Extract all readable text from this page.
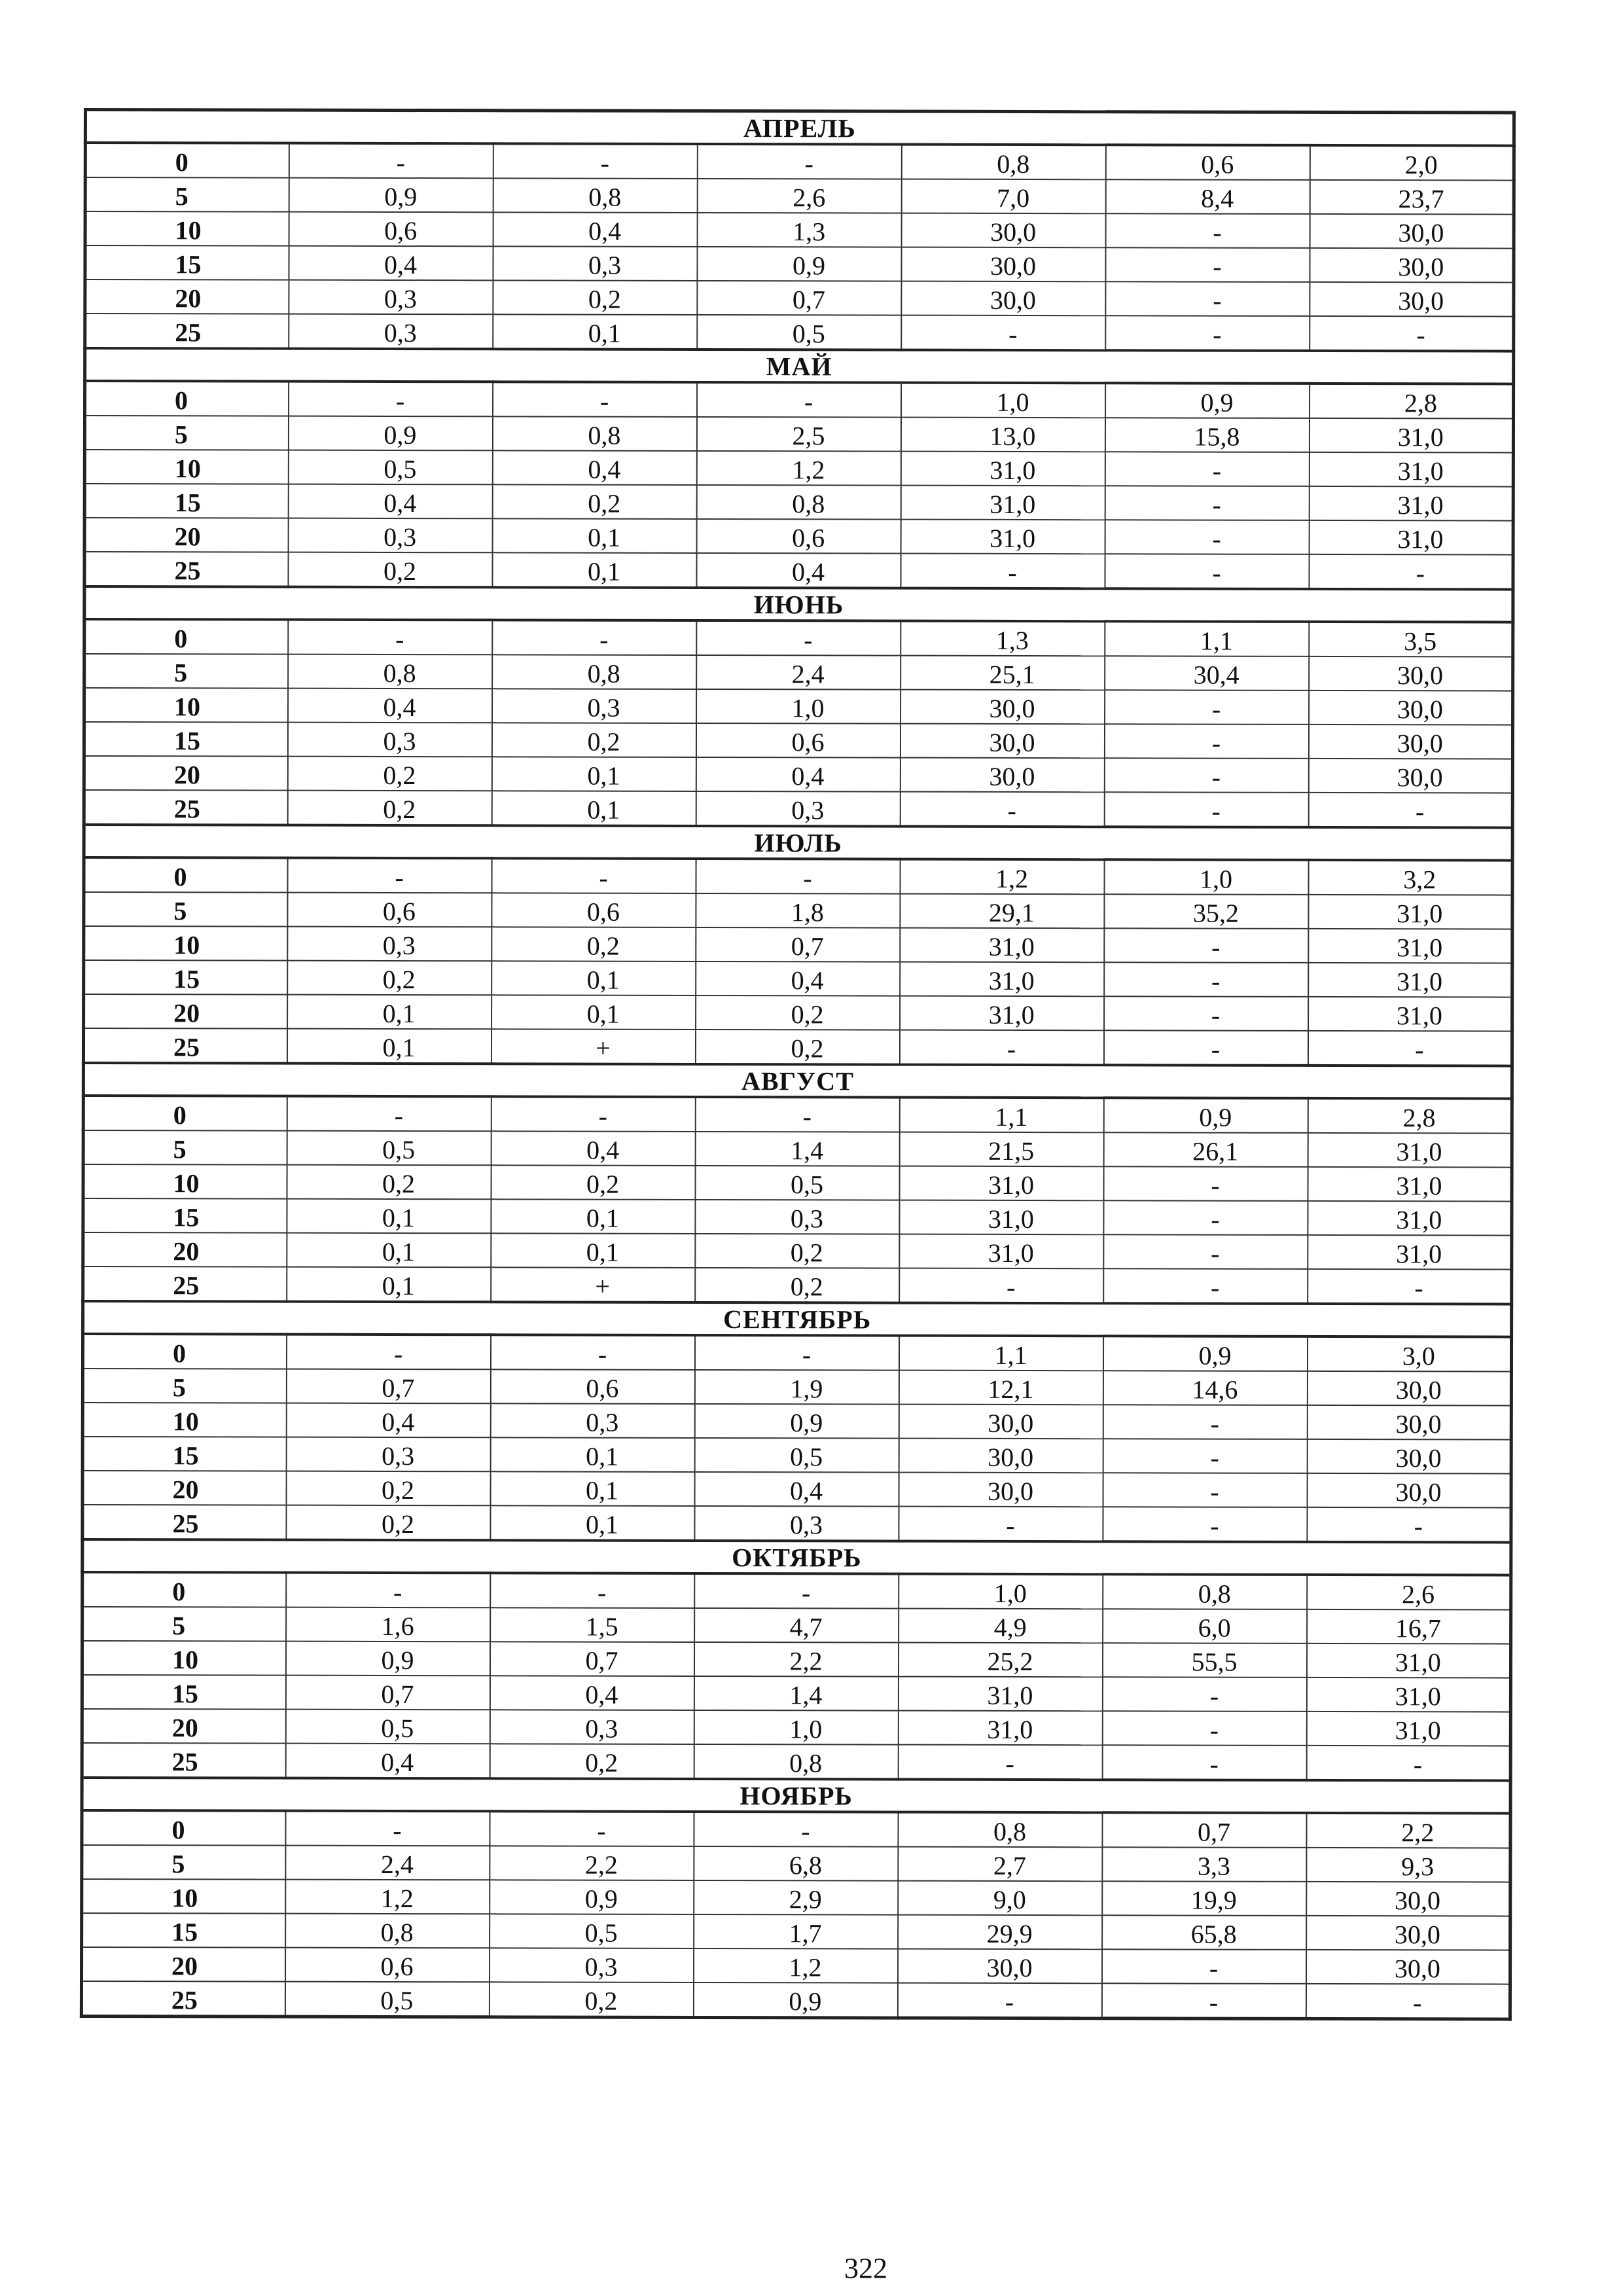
АПРЕЛЬ						
0	-	-	-	0,8	0,6	2,0
5	0,9	0,8	2,6	7,0	8,4	23,7
10	0,6	0,4	1,3	30,0	-	30,0
15	0,4	0,3	0,9	30,0	-	30,0
20	0,3	0,2	0,7	30,0	-	30,0
25	0,3	0,1	0,5	-	-	-
МАЙ						
0	-	-	-	1,0	0,9	2,8
5	0,9	0,8	2,5	13,0	15,8	31,0
10	0,5	0,4	1,2	31,0	-	31,0
15	0,4	0,2	0,8	31,0	-	31,0
20	0,3	0,1	0,6	31,0	-	31,0
25	0,2	0,1	0,4	-	-	-
ИЮНЬ						
0	-	-	-	1,3	1,1	3,5
5	0,8	0,8	2,4	25,1	30,4	30,0
10	0,4	0,3	1,0	30,0	-	30,0
15	0,3	0,2	0,6	30,0	-	30,0
20	0,2	0,1	0,4	30,0	-	30,0
25	0,2	0,1	0,3	-	-	-
ИЮЛЬ						
0	-	-	-	1,2	1,0	3,2
5	0,6	0,6	1,8	29,1	35,2	31,0
10	0,3	0,2	0,7	31,0	-	31,0
15	0,2	0,1	0,4	31,0	-	31,0
20	0,1	0,1	0,2	31,0	-	31,0
25	0,1	+	0,2	-	-	-
АВГУСТ						
0	-	-	-	1,1	0,9	2,8
5	0,5	0,4	1,4	21,5	26,1	31,0
10	0,2	0,2	0,5	31,0	-	31,0
15	0,1	0,1	0,3	31,0	-	31,0
20	0,1	0,1	0,2	31,0	-	31,0
25	0,1	+	0,2	-	-	-
СЕНТЯБРЬ						
0	-	-	-	1,1	0,9	3,0
5	0,7	0,6	1,9	12,1	14,6	30,0
10	0,4	0,3	0,9	30,0	-	30,0
15	0,3	0,1	0,5	30,0	-	30,0
20	0,2	0,1	0,4	30,0	-	30,0
25	0,2	0,1	0,3	-	-	-
ОКТЯБРЬ						
0	-	-	-	1,0	0,8	2,6
5	1,6	1,5	4,7	4,9	6,0	16,7
10	0,9	0,7	2,2	25,2	55,5	31,0
15	0,7	0,4	1,4	31,0	-	31,0
20	0,5	0,3	1,0	31,0	-	31,0
25	0,4	0,2	0,8	-	-	-
НОЯБРЬ						
0	-	-	-	0,8	0,7	2,2
5	2,4	2,2	6,8	2,7	3,3	9,3
10	1,2	0,9	2,9	9,0	19,9	30,0
15	0,8	0,5	1,7	29,9	65,8	30,0
20	0,6	0,3	1,2	30,0	-	30,0
25	0,5	0,2	0,9	-	-	-
322
